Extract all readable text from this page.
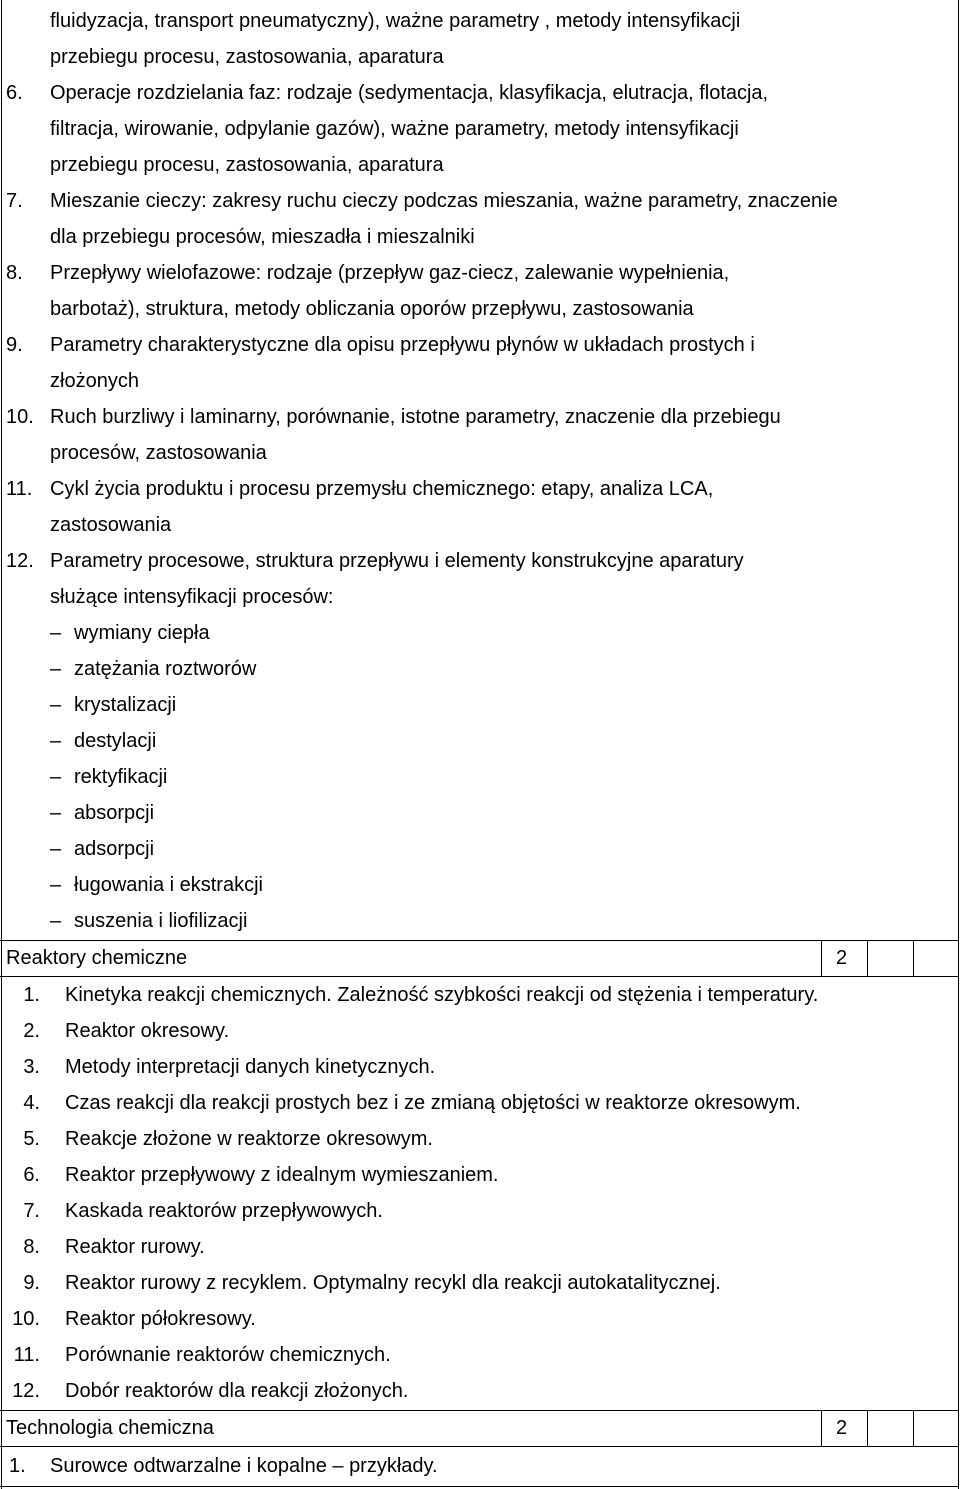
fluidyzacja, transport pneumatyczny), ważne parametry , metody intensyfikacji
przebiegu procesu, zastosowania, aparatura
6. Operacje rozdzielania faz: rodzaje (sedymentacja, klasyfikacja, elutracja, flotacja,
filtracja, wirowanie, odpylanie gazów), ważne parametry, metody intensyfikacji
przebiegu procesu, zastosowania, aparatura
7. Mieszanie cieczy: zakresy ruchu cieczy podczas mieszania, ważne parametry, znaczenie
dla przebiegu procesów, mieszadła i mieszalniki
8. Przepływy wielofazowe: rodzaje (przepływ gaz-ciecz, zalewanie wypełnienia,
barbotaż), struktura, metody obliczania oporów przepływu, zastosowania
9. Parametry charakterystyczne dla opisu przepływu płynów w układach prostych i
złożonych
10. Ruch burzliwy i laminarny, porównanie, istotne parametry, znaczenie dla przebiegu
procesów, zastosowania
11. Cykl życia produktu i procesu przemysłu chemicznego: etapy, analiza LCA,
zastosowania
12. Parametry procesowe, struktura przepływu i elementy konstrukcyjne aparatury
służące intensyfikacji procesów:
– wymiany ciepła
– zatężania roztworów
– krystalizacji
– destylacji
– rektyfikacji
– absorpcji
– adsorpcji
– ługowania i ekstrakcji
– suszenia i liofilizacji
Reaktory chemiczne	2
1. Kinetyka reakcji chemicznych. Zależność szybkości reakcji od stężenia i temperatury.
2. Reaktor okresowy.
3. Metody interpretacji danych kinetycznych.
4. Czas reakcji dla reakcji prostych bez i ze zmianą objętości w reaktorze okresowym.
5. Reakcje złożone w reaktorze okresowym.
6. Reaktor przepływowy z idealnym wymieszaniem.
7. Kaskada reaktorów przepływowych.
8. Reaktor rurowy.
9. Reaktor rurowy z recyklem. Optymalny recykl dla reakcji autokatalitycznej.
10. Reaktor półokresowy.
11. Porównanie reaktorów chemicznych.
12. Dobór reaktorów dla reakcji złożonych.
Technologia chemiczna	2
1. Surowce odtwarzalne i kopalne – przykłady.
